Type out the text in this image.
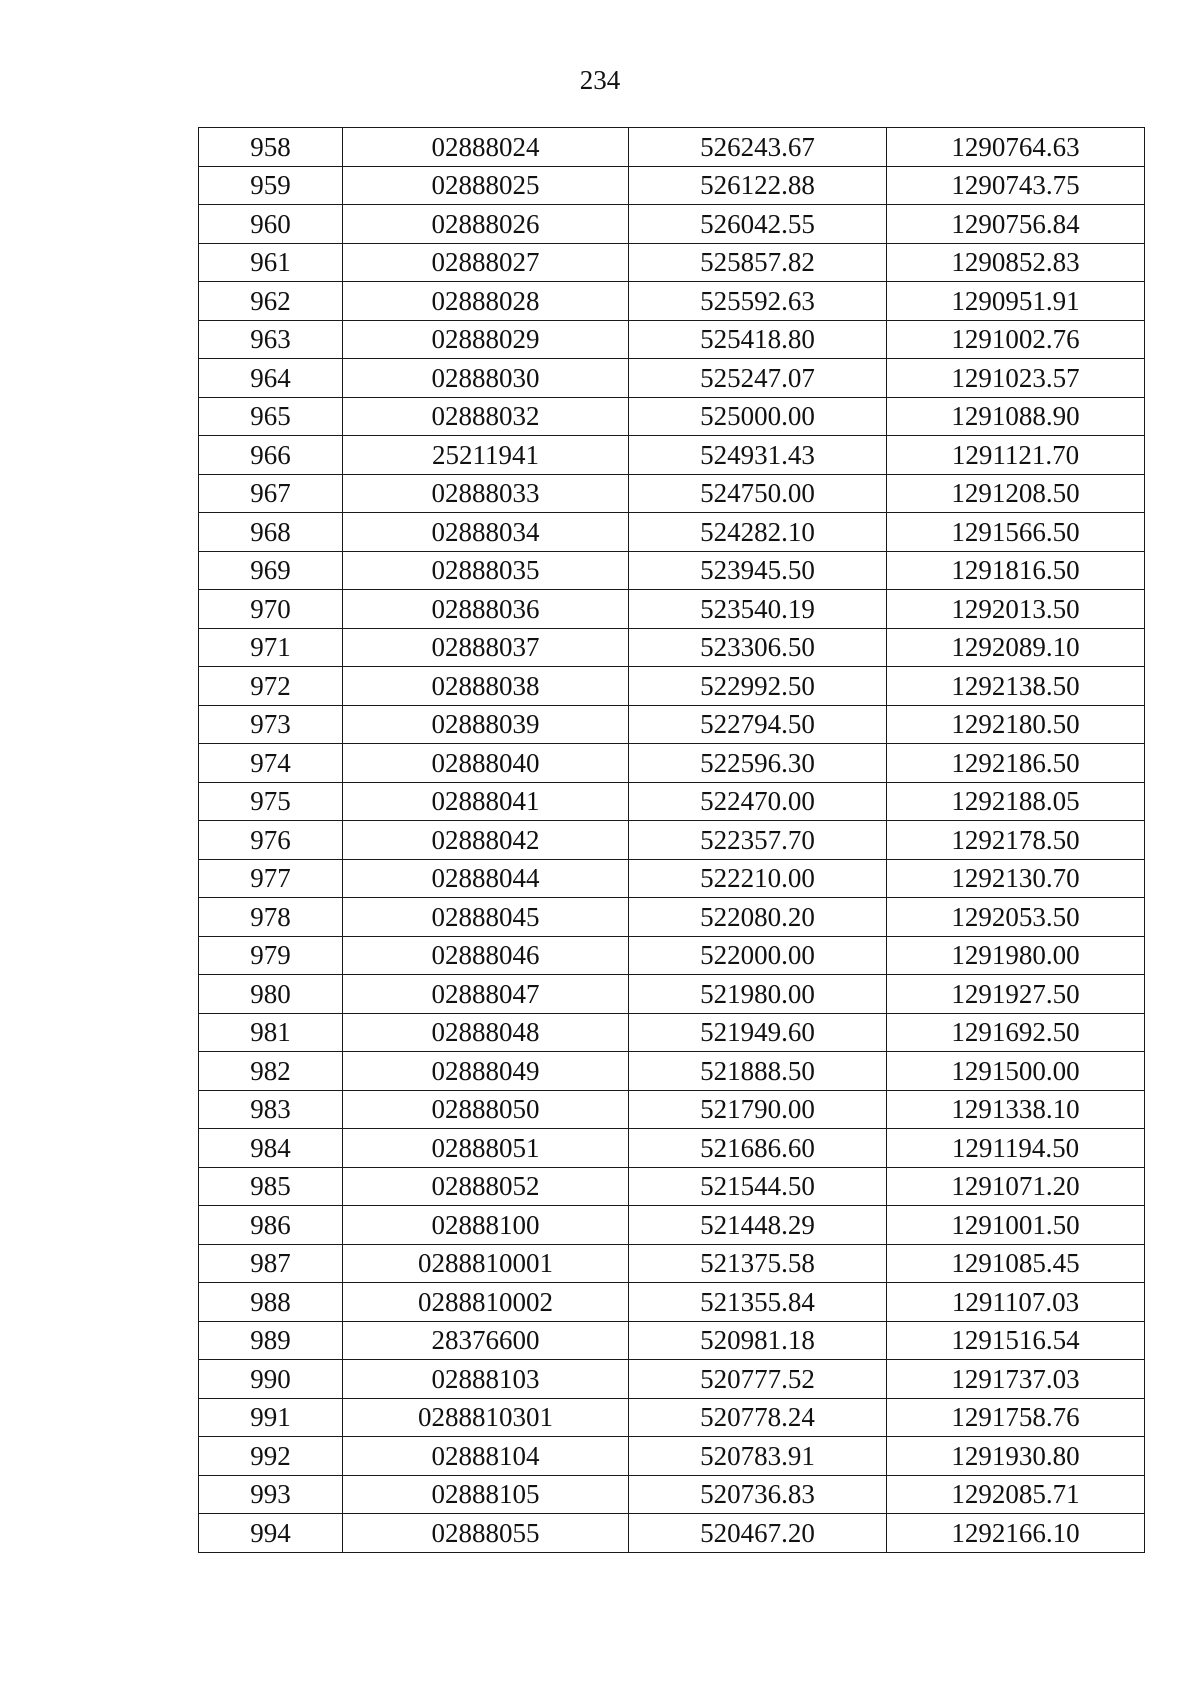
234
958	02888024	526243.67	1290764.63
959	02888025	526122.88	1290743.75
960	02888026	526042.55	1290756.84
961	02888027	525857.82	1290852.83
962	02888028	525592.63	1290951.91
963	02888029	525418.80	1291002.76
964	02888030	525247.07	1291023.57
965	02888032	525000.00	1291088.90
966	25211941	524931.43	1291121.70
967	02888033	524750.00	1291208.50
968	02888034	524282.10	1291566.50
969	02888035	523945.50	1291816.50
970	02888036	523540.19	1292013.50
971	02888037	523306.50	1292089.10
972	02888038	522992.50	1292138.50
973	02888039	522794.50	1292180.50
974	02888040	522596.30	1292186.50
975	02888041	522470.00	1292188.05
976	02888042	522357.70	1292178.50
977	02888044	522210.00	1292130.70
978	02888045	522080.20	1292053.50
979	02888046	522000.00	1291980.00
980	02888047	521980.00	1291927.50
981	02888048	521949.60	1291692.50
982	02888049	521888.50	1291500.00
983	02888050	521790.00	1291338.10
984	02888051	521686.60	1291194.50
985	02888052	521544.50	1291071.20
986	02888100	521448.29	1291001.50
987	0288810001	521375.58	1291085.45
988	0288810002	521355.84	1291107.03
989	28376600	520981.18	1291516.54
990	02888103	520777.52	1291737.03
991	0288810301	520778.24	1291758.76
992	02888104	520783.91	1291930.80
993	02888105	520736.83	1292085.71
994	02888055	520467.20	1292166.10
